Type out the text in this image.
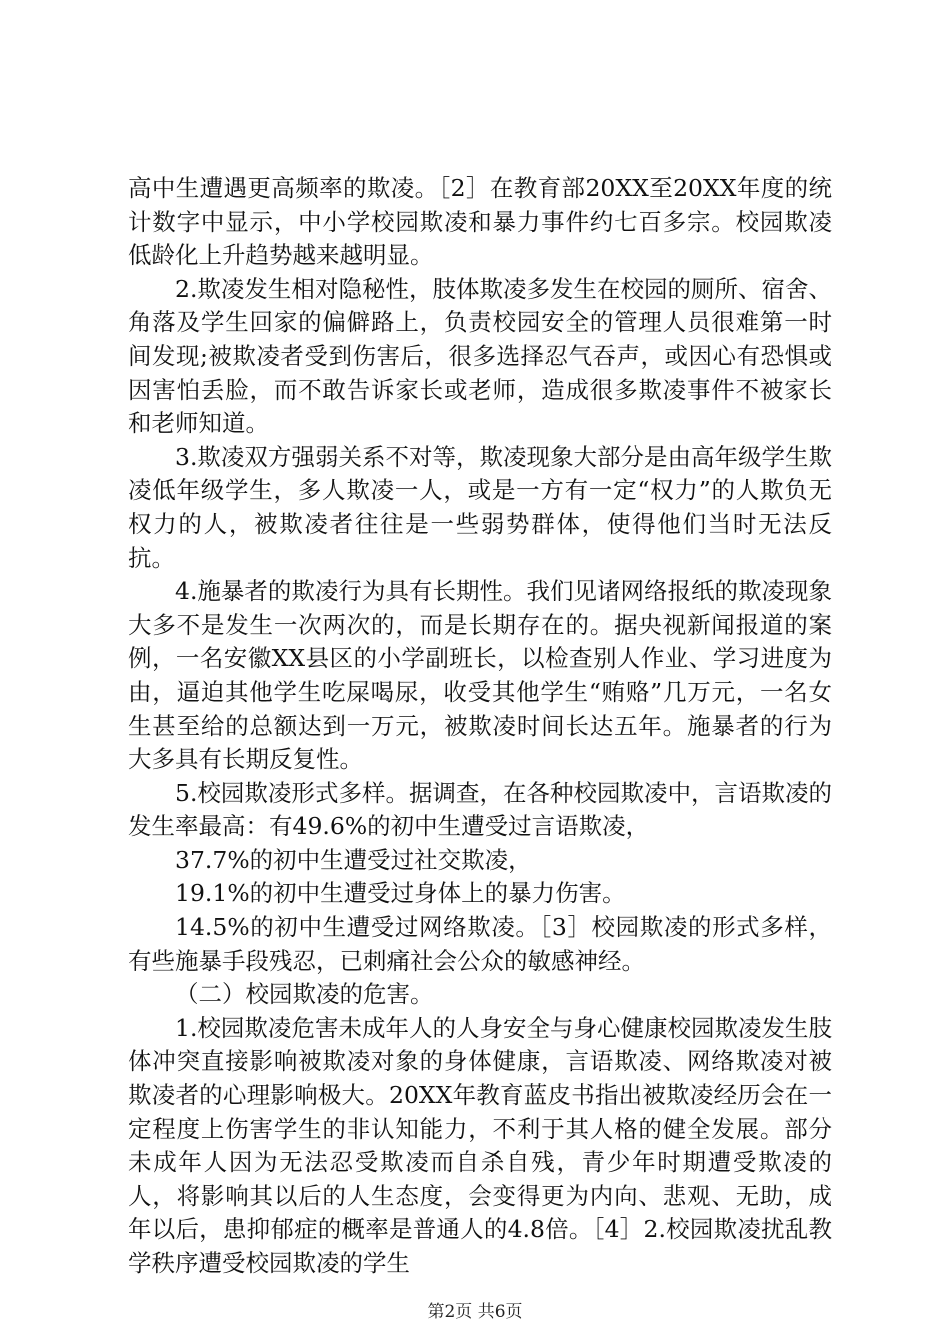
高中生遭遇更高频率的欺凌。［2］在教育部20XX至20XX年度的统计数字中显示，中小学校园欺凌和暴力事件约七百多宗。校园欺凌低龄化上升趋势越来越明显。

2.欺凌发生相对隐秘性，肢体欺凌多发生在校园的厕所、宿舍、角落及学生回家的偏僻路上，负责校园安全的管理人员很难第一时间发现;被欺凌者受到伤害后，很多选择忍气吞声，或因心有恐惧或因害怕丢脸，而不敢告诉家长或老师，造成很多欺凌事件不被家长和老师知道。

3.欺凌双方强弱关系不对等，欺凌现象大部分是由高年级学生欺凌低年级学生，多人欺凌一人，或是一方有一定“权力”的人欺负无权力的人，被欺凌者往往是一些弱势群体，使得他们当时无法反抗。

4.施暴者的欺凌行为具有长期性。我们见诸网络报纸的欺凌现象大多不是发生一次两次的，而是长期存在的。据央视新闻报道的案例，一名安徽XX县区的小学副班长，以检查别人作业、学习进度为由，逼迫其他学生吃屎喝尿，收受其他学生“贿赂”几万元，一名女生甚至给的总额达到一万元，被欺凌时间长达五年。施暴者的行为大多具有长期反复性。

5.校园欺凌形式多样。据调查，在各种校园欺凌中，言语欺凌的发生率最高：有49.6%的初中生遭受过言语欺凌，

37.7%的初中生遭受过社交欺凌，

19.1%的初中生遭受过身体上的暴力伤害。

14.5%的初中生遭受过网络欺凌。［3］校园欺凌的形式多样，有些施暴手段残忍，已刺痛社会公众的敏感神经。

（二）校园欺凌的危害。

1.校园欺凌危害未成年人的人身安全与身心健康校园欺凌发生肢体冲突直接影响被欺凌对象的身体健康，言语欺凌、网络欺凌对被欺凌者的心理影响极大。20XX年教育蓝皮书指出被欺凌经历会在一定程度上伤害学生的非认知能力，不利于其人格的健全发展。部分未成年人因为无法忍受欺凌而自杀自残，青少年时期遭受欺凌的人，将影响其以后的人生态度，会变得更为内向、悲观、无助，成年以后，患抑郁症的概率是普通人的4.8倍。［4］2.校园欺凌扰乱教学秩序遭受校园欺凌的学生

第2页 共6页
